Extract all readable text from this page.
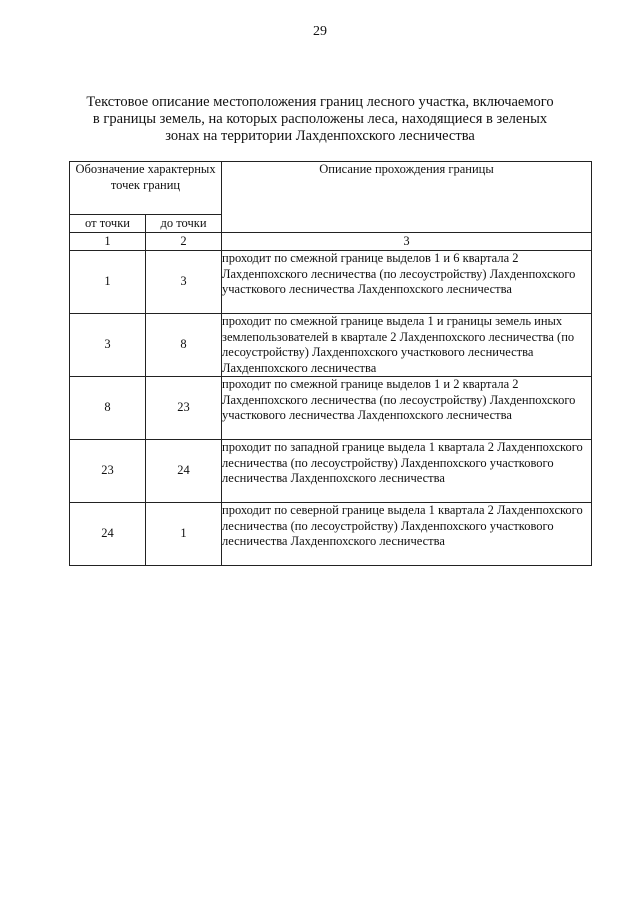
29
Текстовое описание местоположения границ лесного участка, включаемого
в границы земель, на которых расположены леса, находящиеся в зеленых
зонах на территории Лахденпохского лесничества
Обозначение характерных точек границ		Описание прохождения границы
от точки	до точки	
1	2	3
1	3	проходит по смежной границе выделов 1 и 6 квартала 2 Лахденпохского лесничества (по лесоустройству) Лахденпохского участкового лесничества Лахденпохского лесничества
3	8	проходит по смежной границе выдела 1 и границы земель иных землепользователей в квартале 2 Лахденпохского лесничества (по лесоустройству) Лахденпохского участкового лесничества Лахденпохского лесничества
8	23	проходит по смежной границе выделов 1 и 2 квартала 2 Лахденпохского лесничества (по лесоустройству) Лахденпохского участкового лесничества Лахденпохского лесничества
23	24	проходит по западной границе выдела 1 квартала 2 Лахденпохского лесничества (по лесоустройству) Лахденпохского участкового лесничества Лахденпохского лесничества
24	1	проходит по северной границе выдела 1 квартала 2 Лахденпохского лесничества (по лесоустройству) Лахденпохского участкового лесничества Лахденпохского лесничества
